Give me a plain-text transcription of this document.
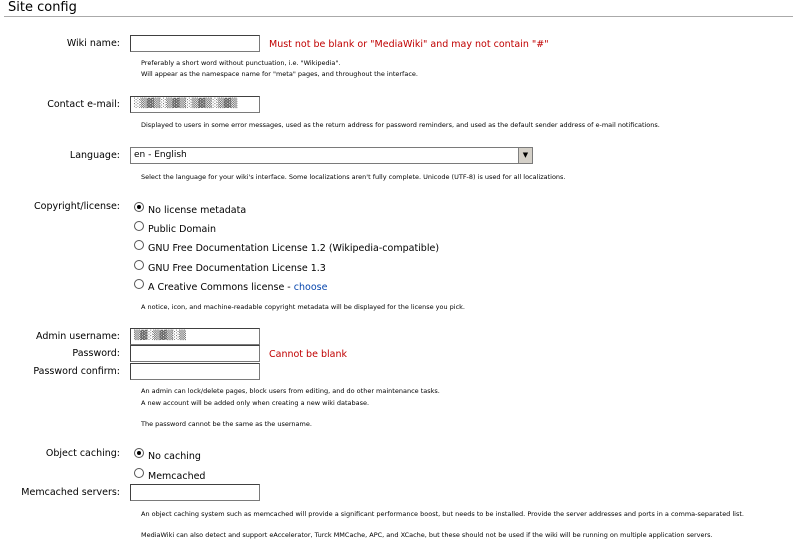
Site config
Wiki name:	Must not be blank or "MediaWiki" and may not contain "#"
Preferably a short word without punctuation, i.e. "Wikipedia".
Will appear as the namespace name for "meta" pages, and throughout the interface.
Contact e-mail:	░▒▓▒░▒▓▒░▒▓▒░▒▓▒
Displayed to users in some error messages, used as the return address for password reminders, and used as the default sender address of e-mail notifications.
Language:	en - English	▼
Select the language for your wiki's interface. Some localizations aren't fully complete. Unicode (UTF-8) is used for all localizations.
Copyright/license:	No license metadata
Public Domain
GNU Free Documentation License 1.2 (Wikipedia-compatible)
GNU Free Documentation License 1.3
A Creative Commons license - choose
A notice, icon, and machine-readable copyright metadata will be displayed for the license you pick.
Admin username:	▒▓░▒▓▒░▒
Password:	Cannot be blank
Password confirm:
An admin can lock/delete pages, block users from editing, and do other maintenance tasks.
A new account will be added only when creating a new wiki database.
The password cannot be the same as the username.
Object caching:	No caching
Memcached
Memcached servers:
An object caching system such as memcached will provide a significant performance boost, but needs to be installed. Provide the server addresses and ports in a comma-separated list.
MediaWiki can also detect and support eAccelerator, Turck MMCache, APC, and XCache, but these should not be used if the wiki will be running on multiple application servers.
